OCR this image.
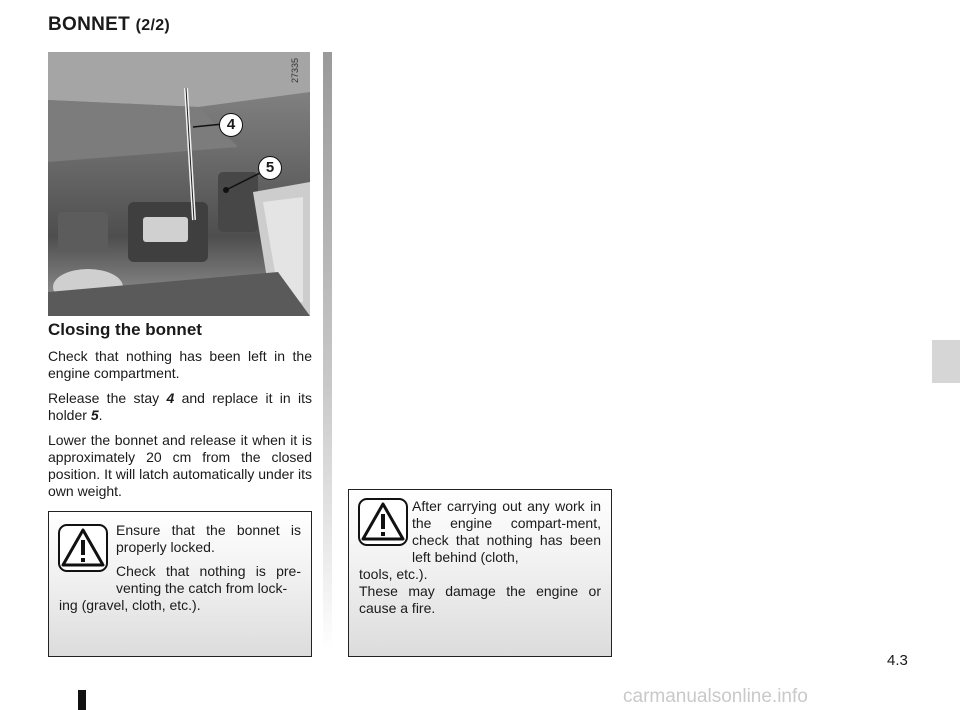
BONNET (2/2)
4
5
27335
Closing the bonnet
Check that nothing has been left in the engine compartment.
Release the stay 4 and replace it in its holder 5.
Lower the bonnet and release it when it is approximately 20 cm from the closed position. It will latch automatically under its own weight.

Ensure that the bonnet is properly locked.

Check that nothing is pre-venting the catch from lock-

ing (gravel, cloth, etc.).

After carrying out any work in the engine compart-ment, check that nothing has been left behind (cloth,

tools, etc.).

These may damage the engine or cause a fire.

4.3
carmanualsonline.info
